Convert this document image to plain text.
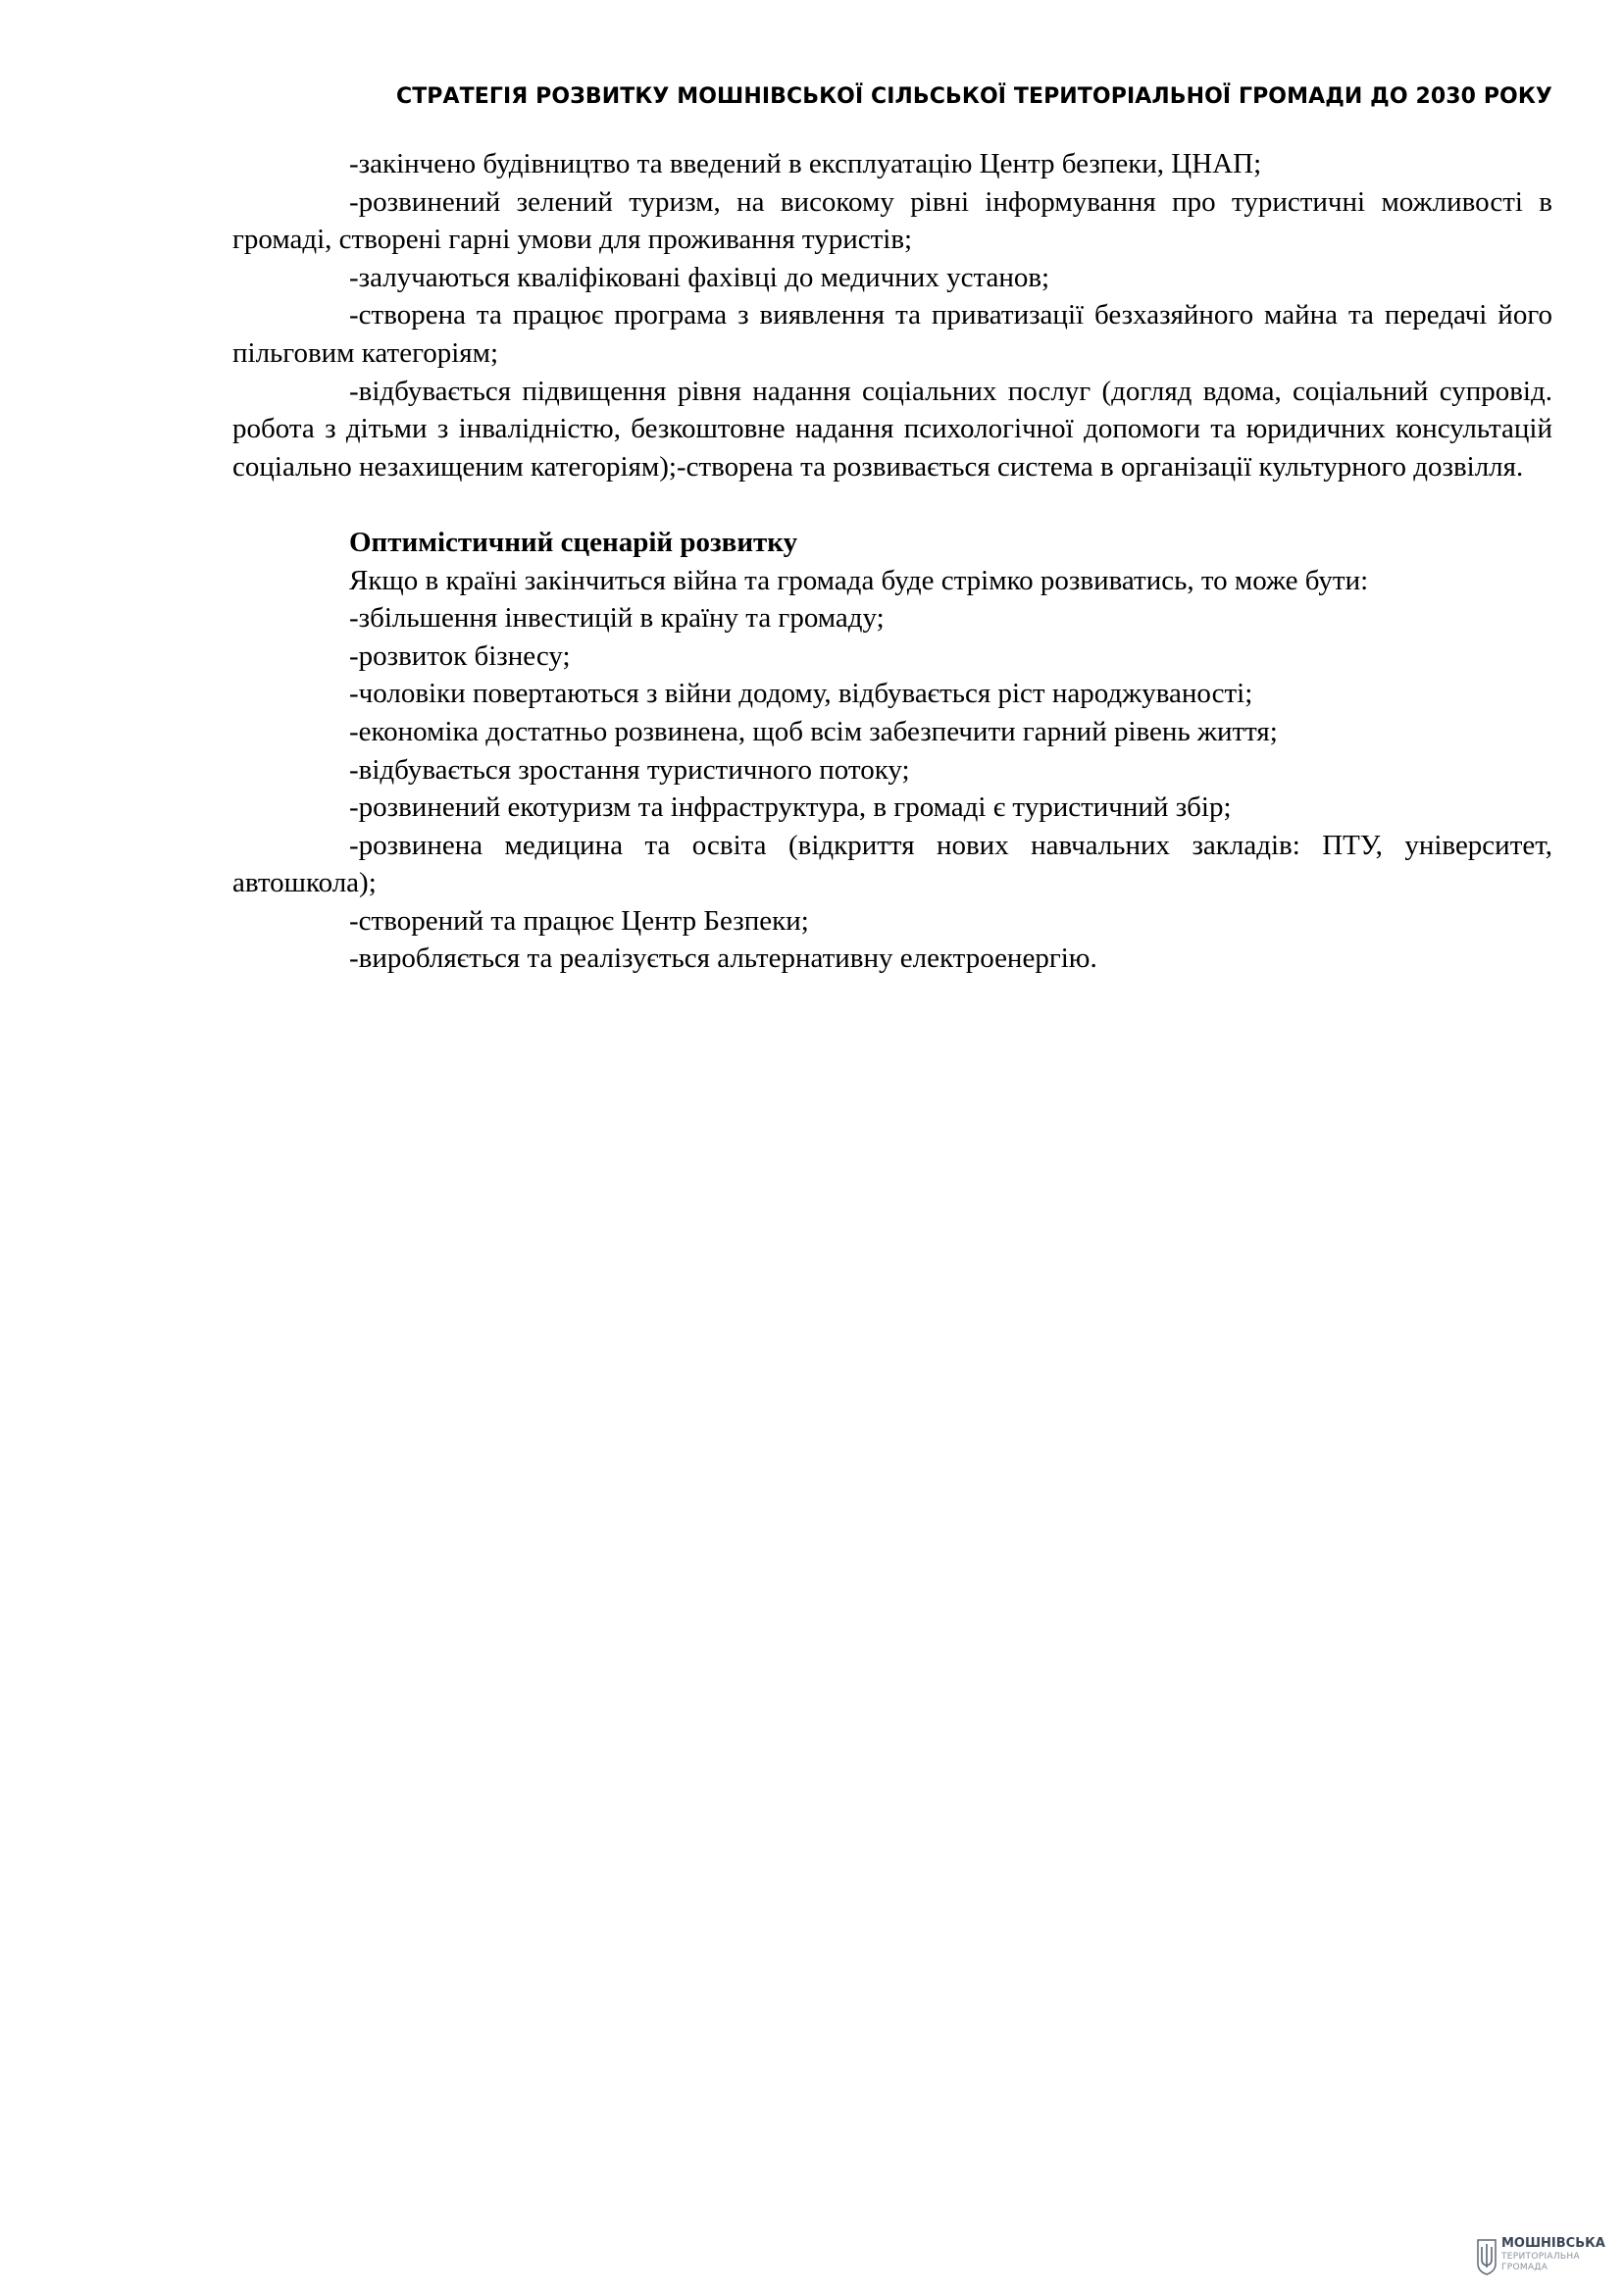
СТРАТЕГІЯ РОЗВИТКУ МОШНІВСЬКОЇ СІЛЬСЬКОЇ ТЕРИТОРІАЛЬНОЇ ГРОМАДИ ДО 2030 РОКУ

-закінчено будівництво та введений в експлуатацію Центр безпеки, ЦНАП;

-розвинений зелений туризм, на високому рівні інформування про туристичні можливості в громаді, створені гарні умови для проживання туристів;

-залучаються кваліфіковані фахівці до медичних установ;

-створена та працює програма з виявлення та приватизації безхазяйного майна та передачі його пільговим категоріям;

-відбувається підвищення рівня надання соціальних послуг (догляд вдома, соціальний супровід. робота з дітьми з інвалідністю, безкоштовне надання психологічної допомоги та юридичних консультацій соціально незахищеним категоріям);-створена та розвивається система в організації культурного дозвілля.

Оптимістичний сценарій розвитку

Якщо в країні закінчиться війна та громада буде стрімко розвиватись, то може бути:

-збільшення інвестицій в країну та громаду;

-розвиток бізнесу;

-чоловіки повертаються з війни додому, відбувається ріст народжуваності;

-економіка достатньо розвинена, щоб всім забезпечити гарний рівень життя;

-відбувається зростання туристичного потоку;

-розвинений екотуризм та інфраструктура, в громаді є туристичний збір;

-розвинена медицина та освіта (відкриття нових навчальних закладів: ПТУ, університет, автошкола);

-створений та працює Центр Безпеки;

-виробляється та реалізується альтернативну електроенергію.

МОШНІВСЬКА
ТЕРИТОРІАЛЬНА
ГРОМАДА
